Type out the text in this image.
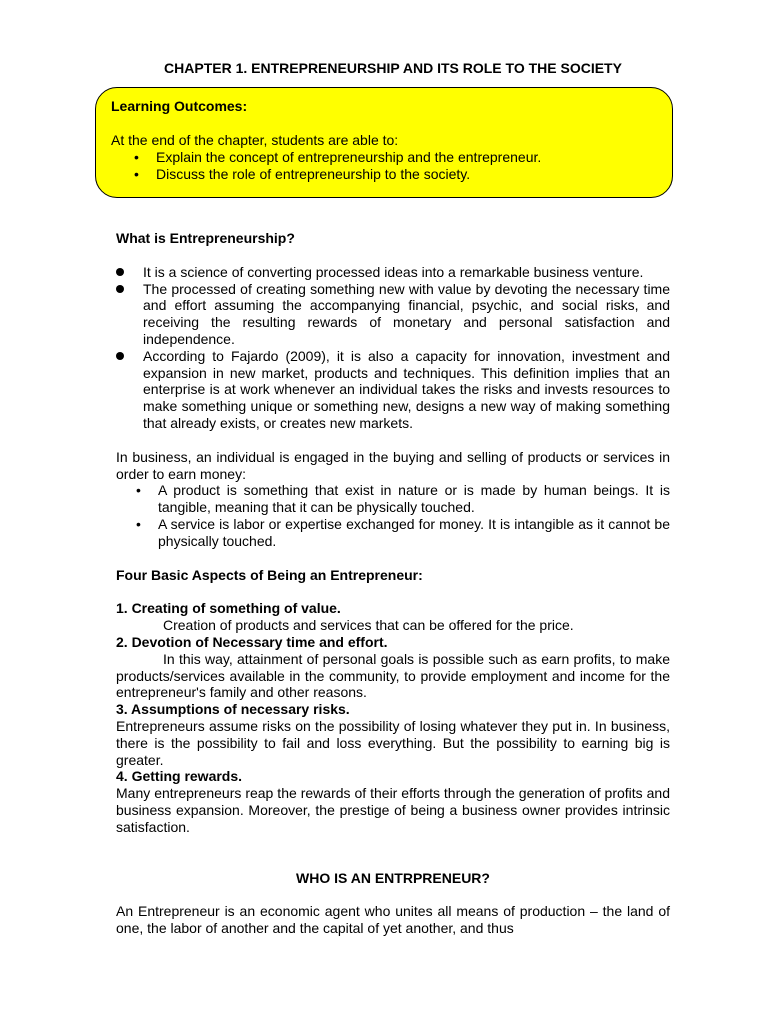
CHAPTER 1. ENTREPRENEURSHIP AND ITS ROLE TO THE SOCIETY
Learning Outcomes:
At the end of the chapter, students are able to:
• Explain the concept of entrepreneurship and the entrepreneur.
• Discuss the role of entrepreneurship to the society.
What is Entrepreneurship?
It is a science of converting processed ideas into a remarkable business venture.
The processed of creating something new with value by devoting the necessary time and effort assuming the accompanying financial, psychic, and social risks, and receiving the resulting rewards of monetary and personal satisfaction and independence.
According to Fajardo (2009), it is also a capacity for innovation, investment and expansion in new market, products and techniques. This definition implies that an enterprise is at work whenever an individual takes the risks and invests resources to make something unique or something new, designs a new way of making something that already exists, or creates new markets.

In business, an individual is engaged in the buying and selling of products or services in order to earn money:

• A product is something that exist in nature or is made by human beings. It is tangible, meaning that it can be physically touched.
• A service is labor or expertise exchanged for money. It is intangible as it cannot be physically touched.
Four Basic Aspects of Being an Entrepreneur:
1. Creating of something of value.

Creation of products and services that can be offered for the price.

2. Devotion of Necessary time and effort.

In this way, attainment of personal goals is possible such as earn profits, to make products/services available in the community, to provide employment and income for the entrepreneur's family and other reasons.

3. Assumptions of necessary risks.

Entrepreneurs assume risks on the possibility of losing whatever they put in. In business, there is the possibility to fail and loss everything. But the possibility to earning big is greater.

4. Getting rewards.

Many entrepreneurs reap the rewards of their efforts through the generation of profits and business expansion. Moreover, the prestige of being a business owner provides intrinsic satisfaction.

WHO IS AN ENTRPRENEUR?

An Entrepreneur is an economic agent who unites all means of production – the land of one, the labor of another and the capital of yet another, and thus
